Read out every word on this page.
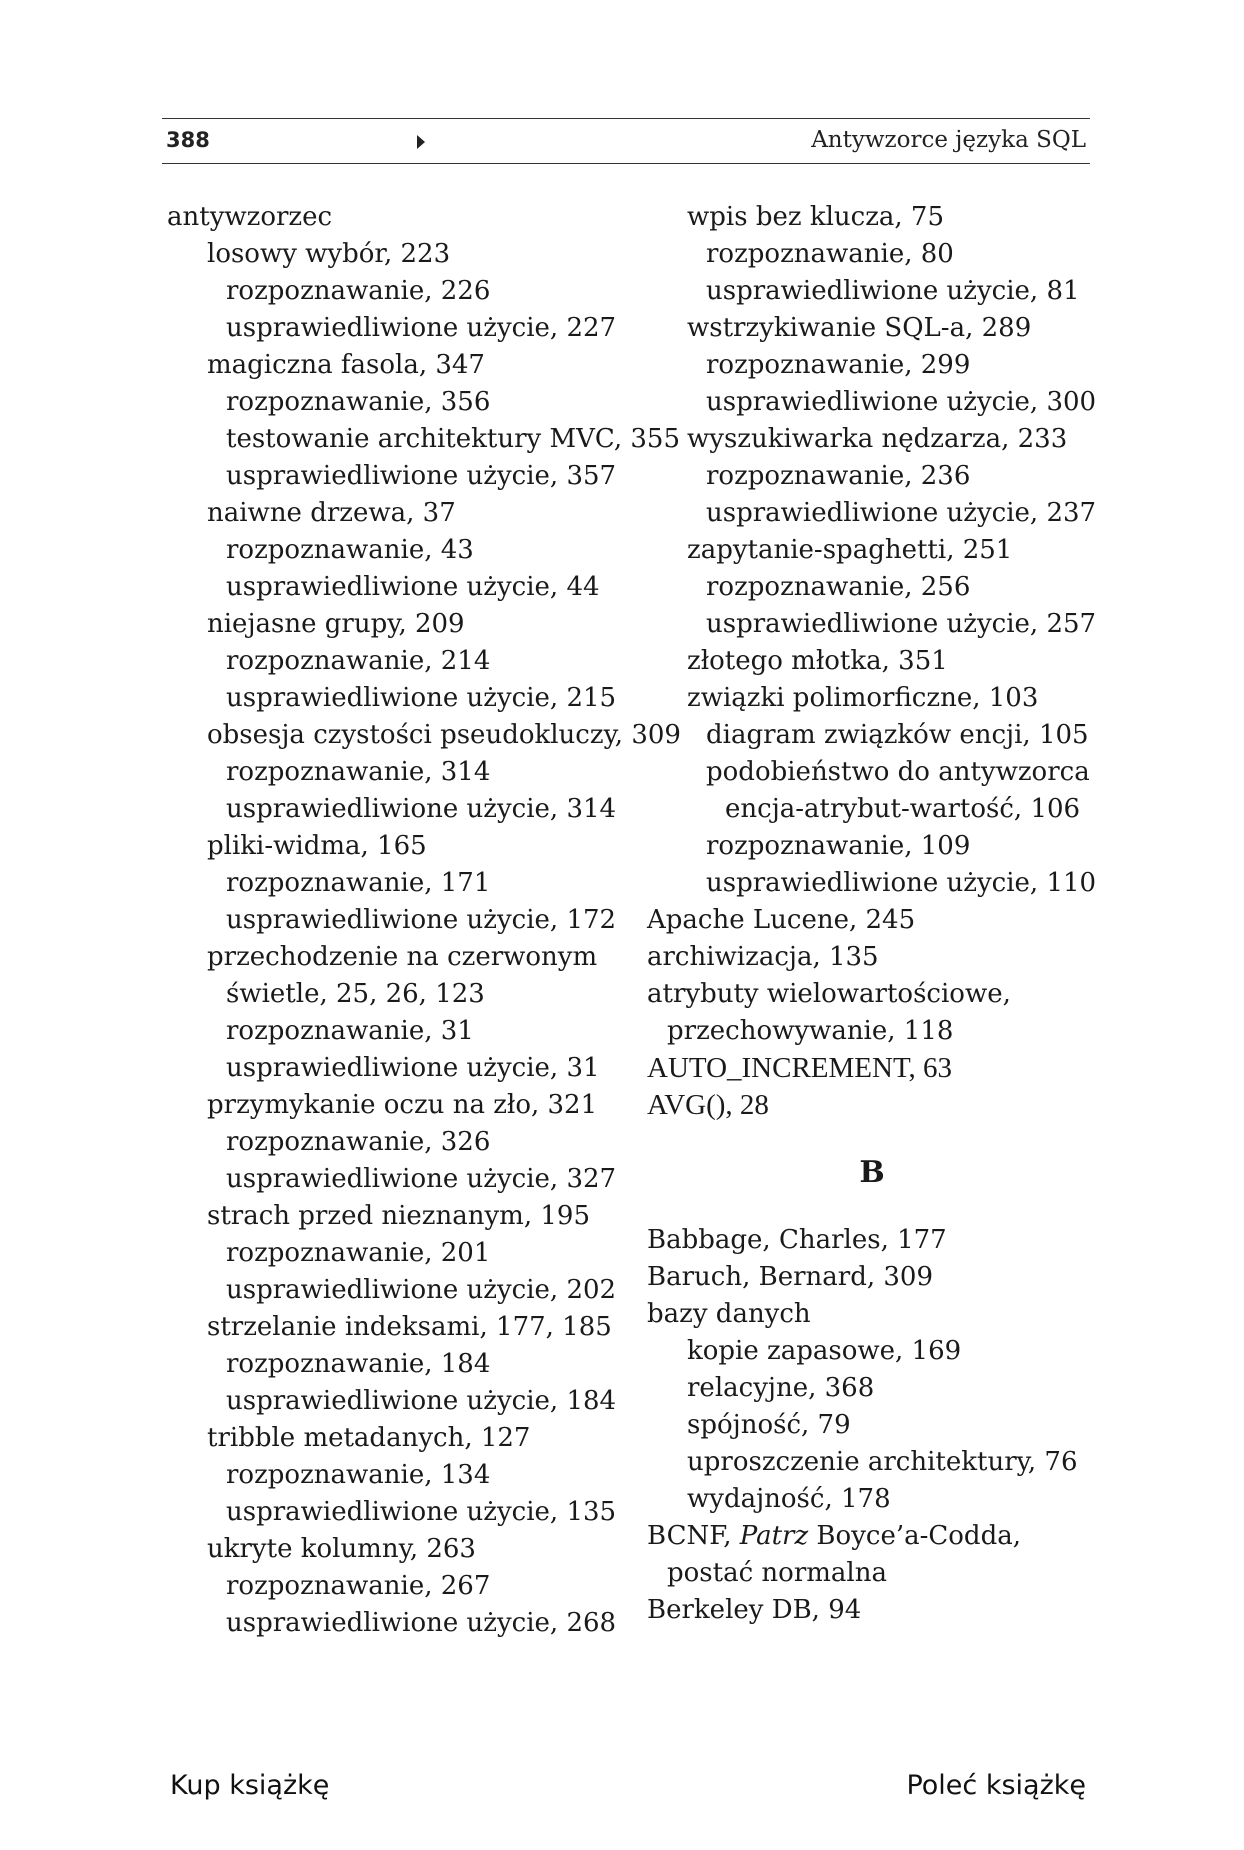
388	Antywzorce języka SQL
antywzorzec
losowy wybór, 223
rozpoznawanie, 226
usprawiedliwione użycie, 227
magiczna fasola, 347
rozpoznawanie, 356
testowanie architektury MVC, 355
usprawiedliwione użycie, 357
naiwne drzewa, 37
rozpoznawanie, 43
usprawiedliwione użycie, 44
niejasne grupy, 209
rozpoznawanie, 214
usprawiedliwione użycie, 215
obsesja czystości pseudokluczy, 309
rozpoznawanie, 314
usprawiedliwione użycie, 314
pliki-widma, 165
rozpoznawanie, 171
usprawiedliwione użycie, 172
przechodzenie na czerwonym
świetle, 25, 26, 123
rozpoznawanie, 31
usprawiedliwione użycie, 31
przymykanie oczu na zło, 321
rozpoznawanie, 326
usprawiedliwione użycie, 327
strach przed nieznanym, 195
rozpoznawanie, 201
usprawiedliwione użycie, 202
strzelanie indeksami, 177, 185
rozpoznawanie, 184
usprawiedliwione użycie, 184
tribble metadanych, 127
rozpoznawanie, 134
usprawiedliwione użycie, 135
ukryte kolumny, 263
rozpoznawanie, 267
usprawiedliwione użycie, 268
wpis bez klucza, 75
rozpoznawanie, 80
usprawiedliwione użycie, 81
wstrzykiwanie SQL-a, 289
rozpoznawanie, 299
usprawiedliwione użycie, 300
wyszukiwarka nędzarza, 233
rozpoznawanie, 236
usprawiedliwione użycie, 237
zapytanie-spaghetti, 251
rozpoznawanie, 256
usprawiedliwione użycie, 257
złotego młotka, 351
związki polimorficzne, 103
diagram związków encji, 105
podobieństwo do antywzorca
encja-atrybut-wartość, 106
rozpoznawanie, 109
usprawiedliwione użycie, 110
Apache Lucene, 245
archiwizacja, 135
atrybuty wielowartościowe,
przechowywanie, 118
AUTO_INCREMENT, 63
AVG(), 28
B
Babbage, Charles, 177
Baruch, Bernard, 309
bazy danych
kopie zapasowe, 169
relacyjne, 368
spójność, 79
uproszczenie architektury, 76
wydajność, 178
BCNF, Patrz Boyce’a-Codda,
postać normalna
Berkeley DB, 94
Kup książkę	Poleć książkę
